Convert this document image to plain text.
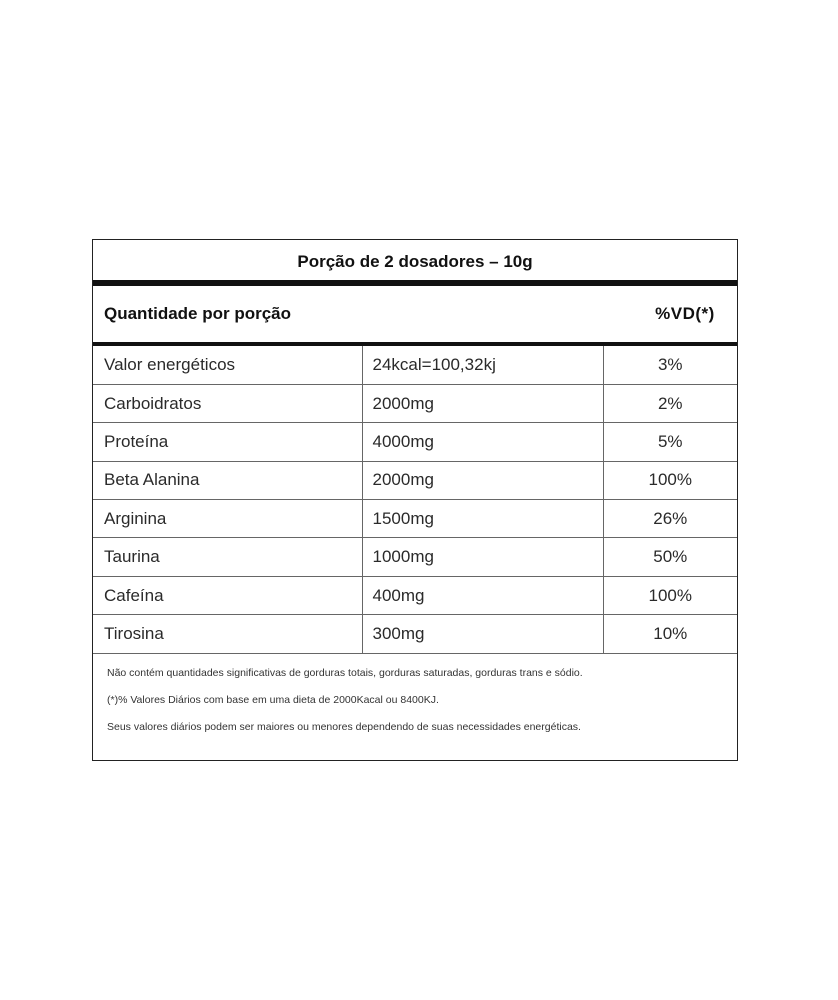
Porção de 2 dosadores – 10g
Quantidade por porção	%VD(*)
Valor energéticos	24kcal=100,32kj	3%
Carboidratos	2000mg	2%
Proteína	4000mg	5%
Beta Alanina	2000mg	100%
Arginina	1500mg	26%
Taurina	1000mg	50%
Cafeína	400mg	100%
Tirosina	300mg	10%
Não contém quantidades significativas de gorduras totais, gorduras saturadas, gorduras trans e sódio.
(*)% Valores Diários com base em uma dieta de 2000Kacal ou 8400KJ.
Seus valores diários podem ser maiores ou menores dependendo de suas necessidades energéticas.
